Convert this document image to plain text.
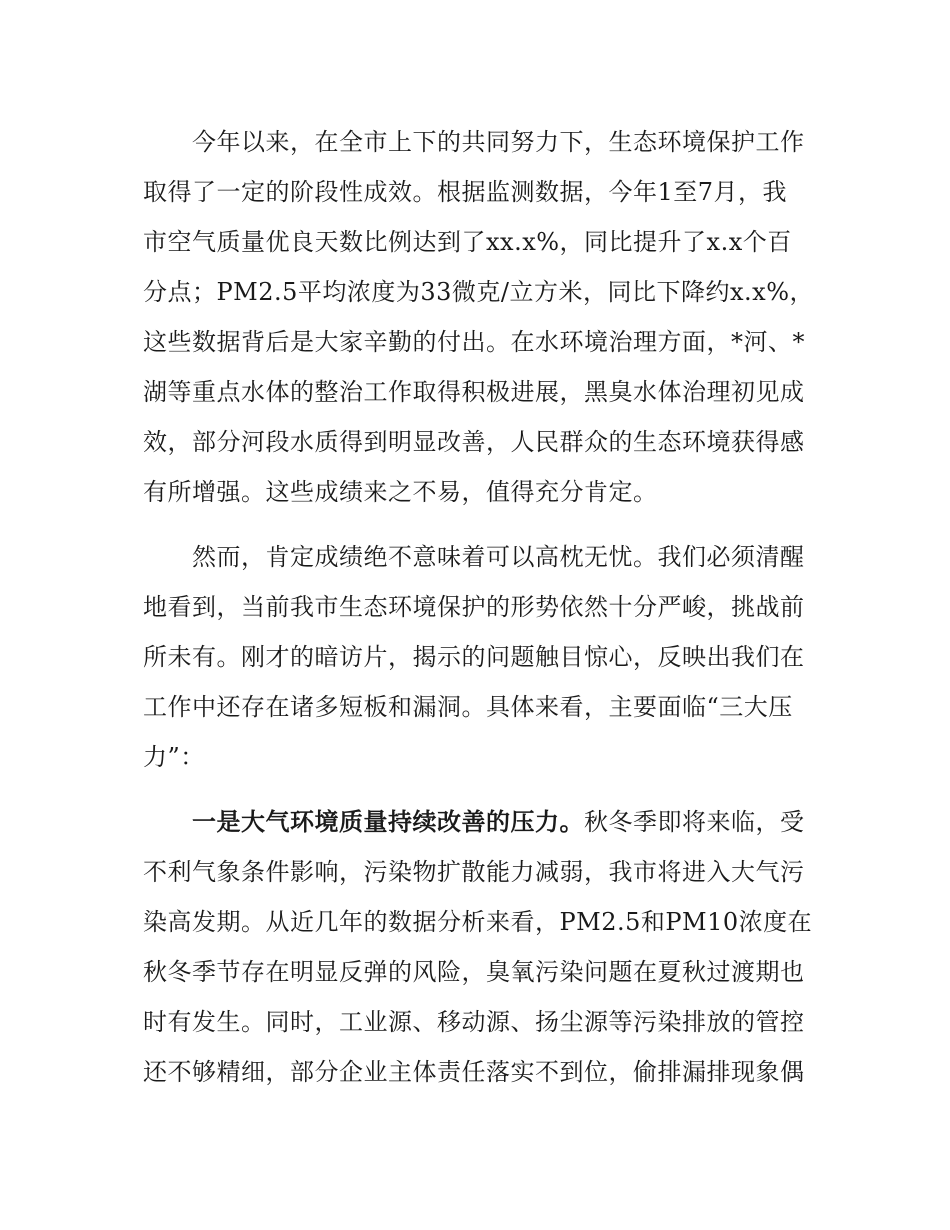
今年以来，在全市上下的共同努力下，生态环境保护工作
取得了一定的阶段性成效。根据监测数据，今年1至7月，我
市空气质量优良天数比例达到了xx.x%，同比提升了x.x个百
分点；PM2.5平均浓度为33微克/立方米，同比下降约x.x%，
这些数据背后是大家辛勤的付出。在水环境治理方面，*河、*
湖等重点水体的整治工作取得积极进展，黑臭水体治理初见成
效，部分河段水质得到明显改善，人民群众的生态环境获得感
有所增强。这些成绩来之不易，值得充分肯定。
然而，肯定成绩绝不意味着可以高枕无忧。我们必须清醒
地看到，当前我市生态环境保护的形势依然十分严峻，挑战前
所未有。刚才的暗访片，揭示的问题触目惊心，反映出我们在
工作中还存在诸多短板和漏洞。具体来看，主要面临“三大压
力”：
一是大气环境质量持续改善的压力。秋冬季即将来临，受
不利气象条件影响，污染物扩散能力减弱，我市将进入大气污
染高发期。从近几年的数据分析来看，PM2.5和PM10浓度在
秋冬季节存在明显反弹的风险，臭氧污染问题在夏秋过渡期也
时有发生。同时，工业源、移动源、扬尘源等污染排放的管控
还不够精细，部分企业主体责任落实不到位，偷排漏排现象偶
